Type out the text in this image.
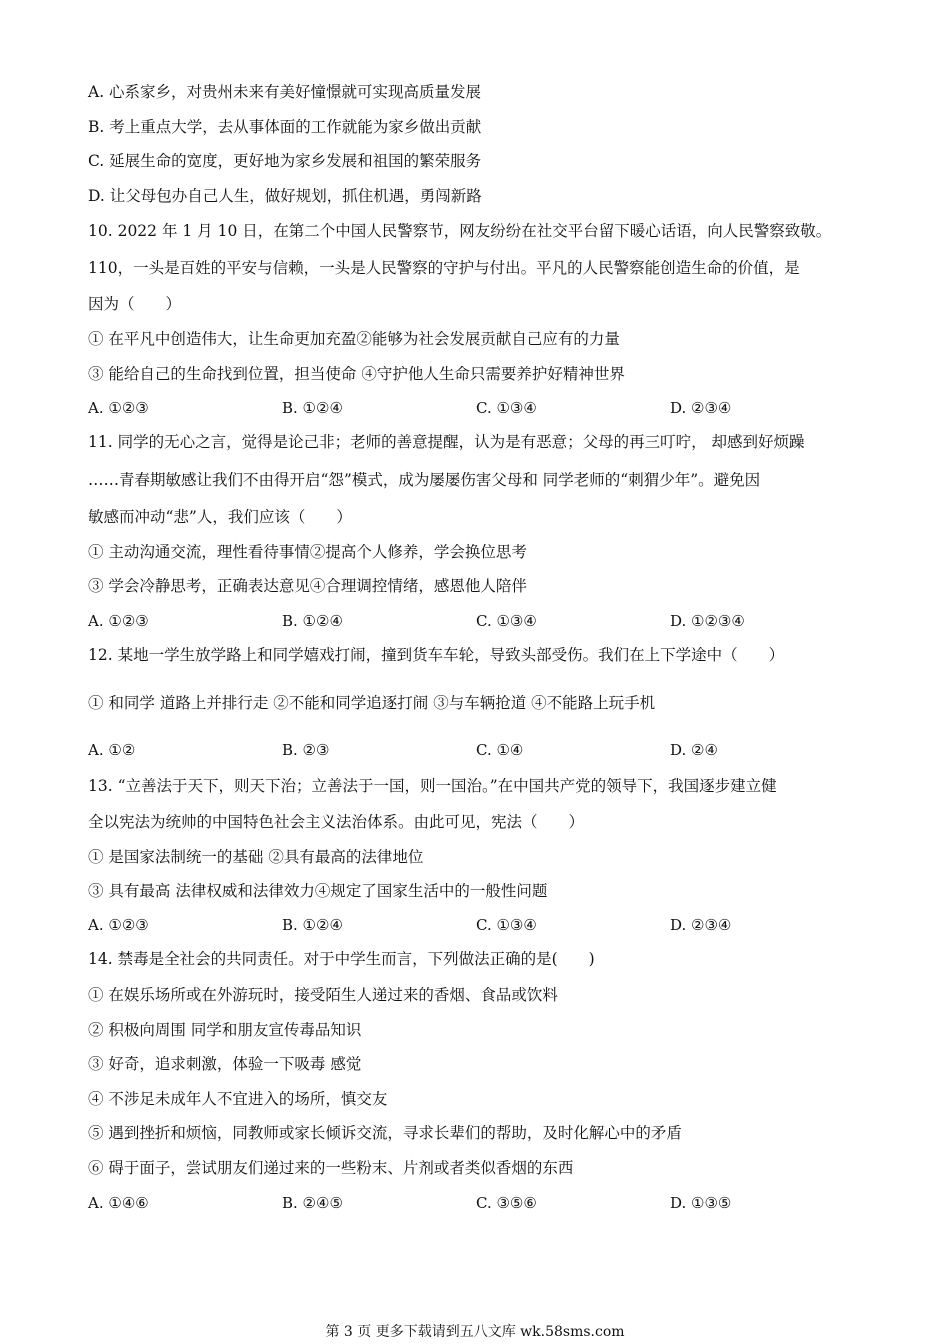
A. 心系家乡，对贵州未来有美好憧憬就可实现高质量发展
B. 考上重点大学，去从事体面的工作就能为家乡做出贡献
C. 延展生命的宽度，更好地为家乡发展和祖国的繁荣服务
D. 让父母包办自己人生，做好规划，抓住机遇，勇闯新路
10. 2022 年 1 月 10 日，在第二个中国人民警察节，网友纷纷在社交平台留下暖心话语，向人民警察致敬。
110，一头是百姓的平安与信赖，一头是人民警察的守护与付出。平凡的人民警察能创造生命的价值，是
因为（　　）
① 在平凡中创造伟大，让生命更加充盈②能够为社会发展贡献自己应有的力量
③ 能给自己的生命找到位置，担当使命 ④守护他人生命只需要养护好精神世界
A. ①②③	B. ①②④	C. ①③④	D. ②③④
11. 同学的无心之言，觉得是论己非；老师的善意提醒，认为是有恶意；父母的再三叮咛， 却感到好烦躁
……青春期敏感让我们不由得开启“怨”模式，成为屡屡伤害父母和 同学老师的“刺猬少年”。避免因
敏感而冲动“悲”人，我们应该（　　）
① 主动沟通交流，理性看待事情②提高个人修养，学会换位思考
③ 学会冷静思考，正确表达意见④合理调控情绪，感恩他人陪伴
A. ①②③	B. ①②④	C. ①③④	D. ①②③④
12. 某地一学生放学路上和同学嬉戏打闹，撞到货车车轮，导致头部受伤。我们在上下学途中（　　）
① 和同学 道路上并排行走 ②不能和同学追逐打闹 ③与车辆抢道 ④不能路上玩手机
A. ①②	B. ②③	C. ①④	D. ②④
13. “立善法于天下，则天下治；立善法于一国，则一国治。”在中国共产党的领导下，我国逐步建立健
全以宪法为统帅的中国特色社会主义法治体系。由此可见，宪法（　　）
① 是国家法制统一的基础 ②具有最高的法律地位
③ 具有最高 法律权威和法律效力④规定了国家生活中的一般性问题
A. ①②③	B. ①②④	C. ①③④	D. ②③④
14. 禁毒是全社会的共同责任。对于中学生而言，下列做法正确的是(　　)
① 在娱乐场所或在外游玩时，接受陌生人递过来的香烟、食品或饮料
② 积极向周围 同学和朋友宣传毒品知识
③ 好奇，追求刺激，体验一下吸毒 感觉
④ 不涉足未成年人不宜进入的场所，慎交友
⑤ 遇到挫折和烦恼，同教师或家长倾诉交流，寻求长辈们的帮助，及时化解心中的矛盾
⑥ 碍于面子，尝试朋友们递过来的一些粉末、片剂或者类似香烟的东西
A. ①④⑥	B. ②④⑤	C. ③⑤⑥	D. ①③⑤
第 3 页 更多下载请到五八文库 wk.58sms.com
